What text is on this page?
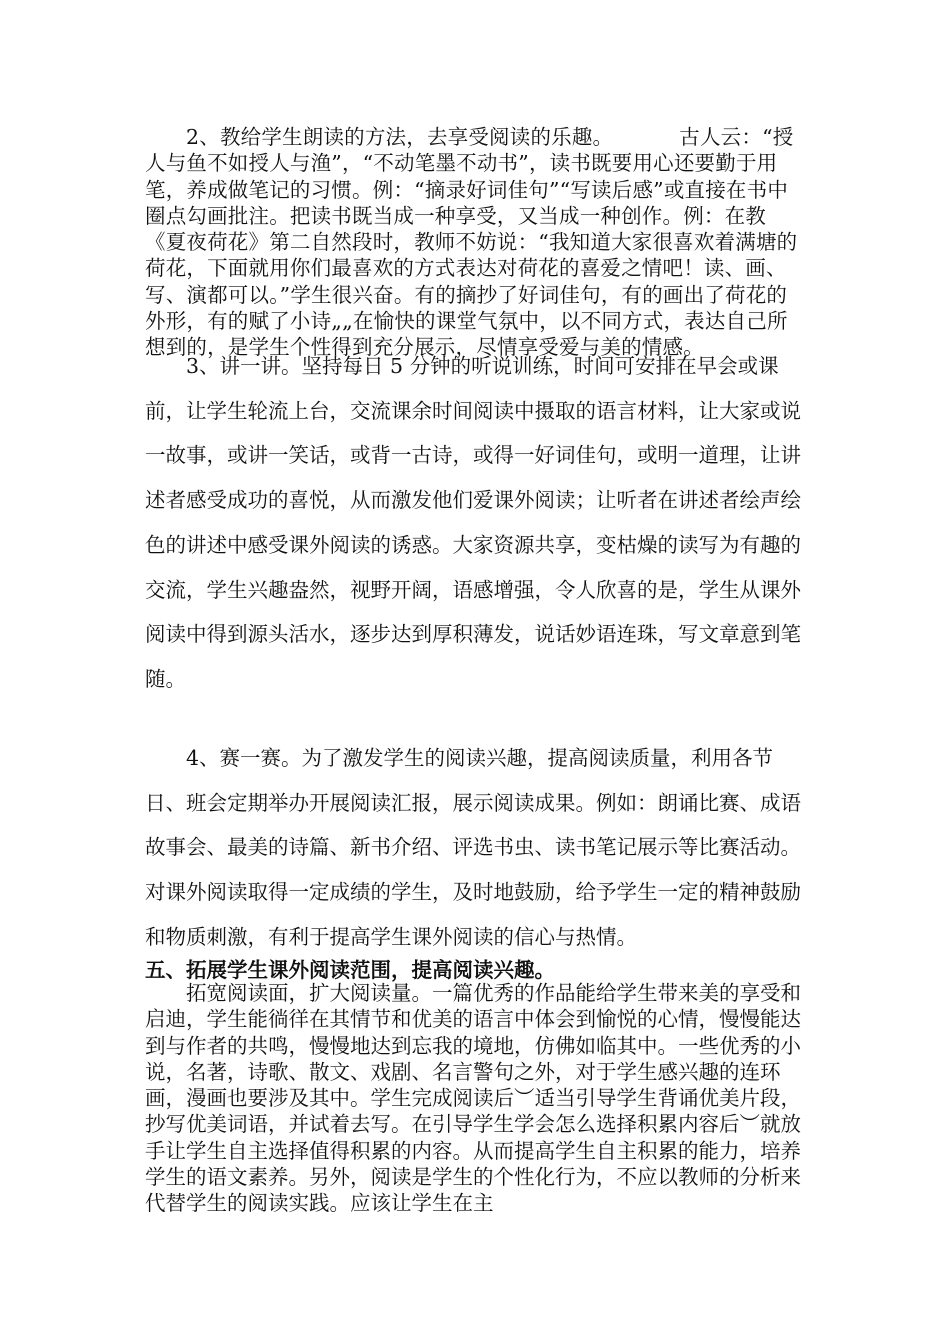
2、教给学生朗读的方法，去享受阅读的乐趣。	古人云：“授人与鱼不如授人与渔”，“不动笔墨不动书”，读书既要用心还要勤于用笔，养成做笔记的习惯。例：“摘录好词佳句”“写读后感”或直接在书中圈点勾画批注。把读书既当成一种享受，又当成一种创作。例：在教《夏夜荷花》第二自然段时，教师不妨说：“我知道大家很喜欢着满塘的荷花，下面就用你们最喜欢的方式表达对荷花的喜爱之情吧！读、画、写、演都可以。”学生很兴奋。有的摘抄了好词佳句，有的画出了荷花的外形，有的赋了小诗„„在愉快的课堂气氛中，以不同方式，表达自己所想到的，是学生个性得到充分展示，尽情享受爱与美的情感。
3、讲一讲。坚持每日 5 分钟的听说训练，时间可安排在早会或课前，让学生轮流上台，交流课余时间阅读中摄取的语言材料，让大家或说一故事，或讲一笑话，或背一古诗，或得一好词佳句，或明一道理，让讲述者感受成功的喜悦，从而激发他们爱课外阅读；让听者在讲述者绘声绘色的讲述中感受课外阅读的诱惑。大家资源共享，变枯燥的读写为有趣的交流，学生兴趣盎然，视野开阔，语感增强，令人欣喜的是，学生从课外阅读中得到源头活水，逐步达到厚积薄发，说话妙语连珠，写文章意到笔随。
4、赛一赛。为了激发学生的阅读兴趣，提高阅读质量，利用各节日、班会定期举办开展阅读汇报，展示阅读成果。例如：朗诵比赛、成语故事会、最美的诗篇、新书介绍、评选书虫、读书笔记展示等比赛活动。对课外阅读取得一定成绩的学生，及时地鼓励，给予学生一定的精神鼓励和物质刺激，有利于提高学生课外阅读的信心与热情。
五、拓展学生课外阅读范围，提高阅读兴趣。
拓宽阅读面，扩大阅读量。一篇优秀的作品能给学生带来美的享受和启迪，学生能徜徉在其情节和优美的语言中体会到愉悦的心情，慢慢能达到与作者的共鸣，慢慢地达到忘我的境地，仿佛如临其中。一些优秀的小说，名著，诗歌、散文、戏剧、名言警句之外，对于学生感兴趣的连环画，漫画也要涉及其中。学生完成阅读后︶适当引导学生背诵优美片段，抄写优美词语，并试着去写。在引导学生学会怎么选择积累内容后︶就放手让学生自主选择值得积累的内容。从而提高学生自主积累的能力，培养学生的语文素养。另外，阅读是学生的个性化行为，不应以教师的分析来代替学生的阅读实践。应该让学生在主
